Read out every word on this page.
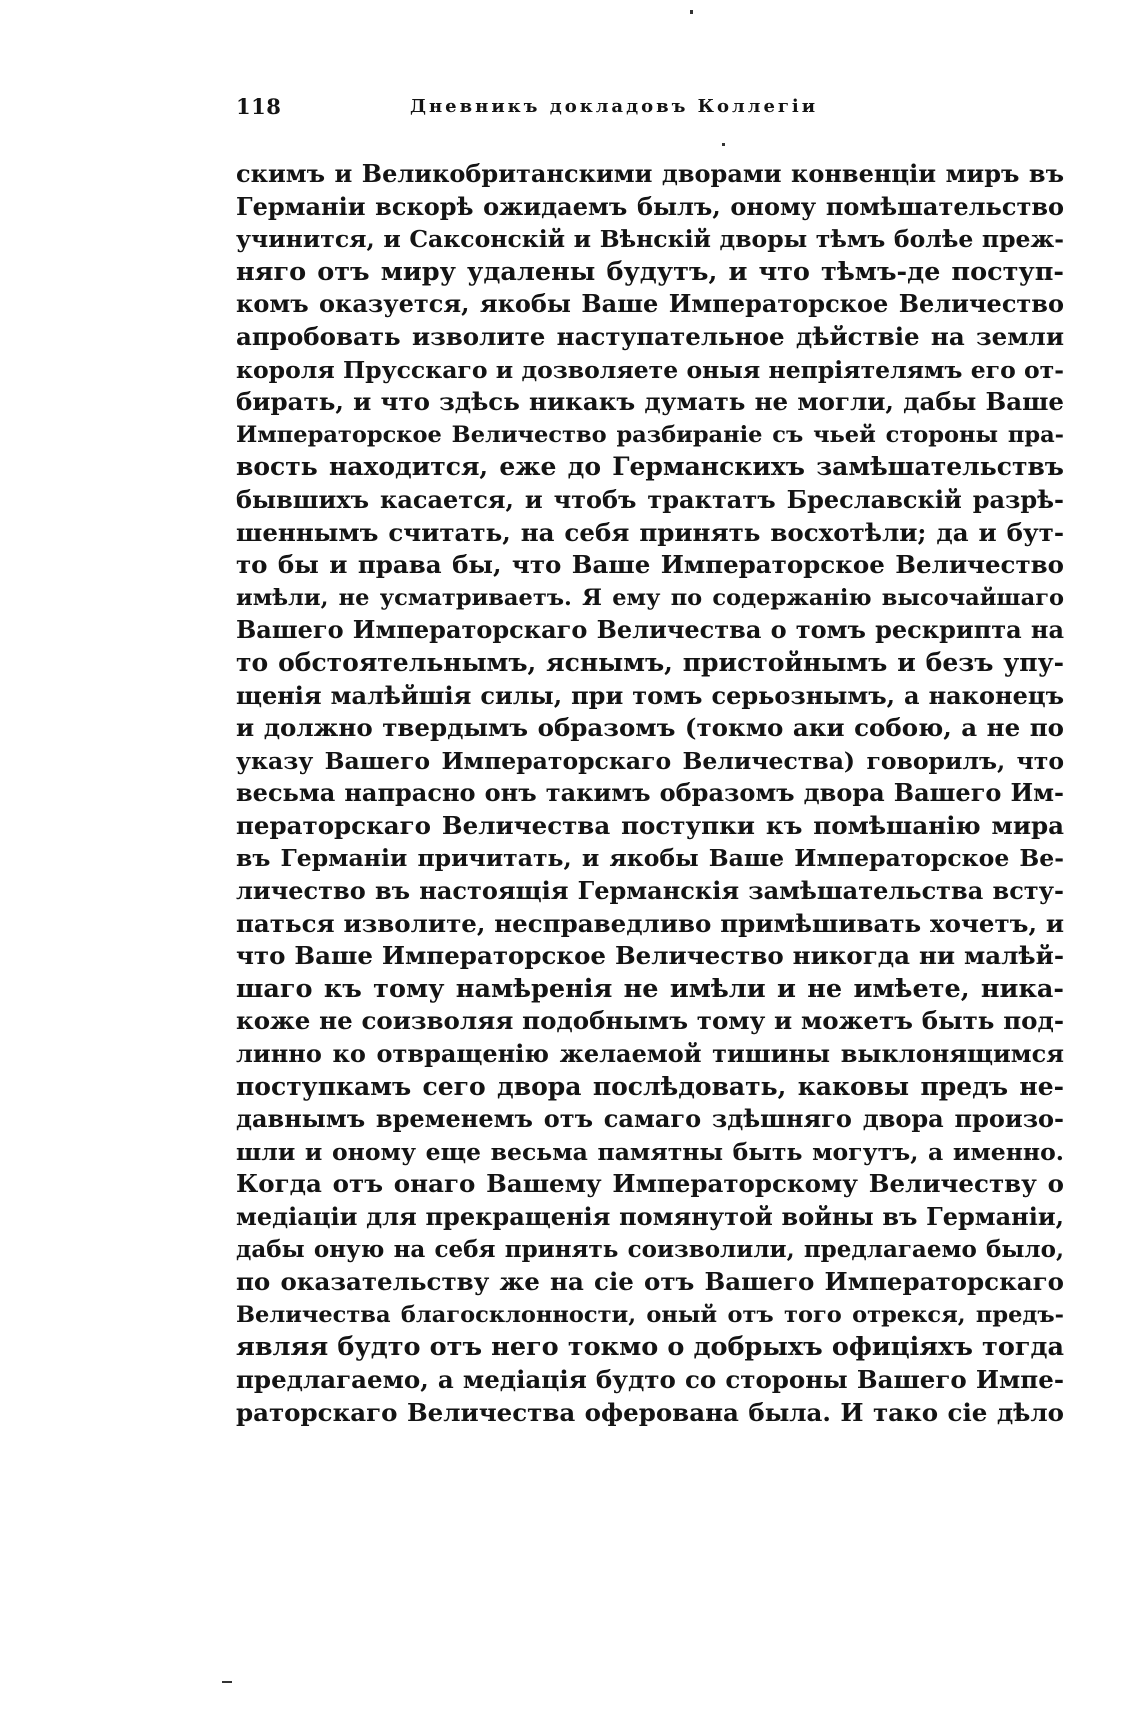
118	Дневникъ докладовъ Коллегіи
скимъ и Великобританскими дворами конвенціи миръ въ
Германіи вскорѣ ожидаемъ былъ, оному помѣшательство
учинится, и Саксонскій и Вѣнскій дворы тѣмъ болѣе преж-
няго отъ миру удалены будутъ, и что тѣмъ-де поступ-
комъ оказуется, якобы Ваше Императорское Величество
апробовать изволите наступательное дѣйствіе на земли
короля Прусскаго и дозволяете оныя непріятелямъ его от-
бирать, и что здѣсь никакъ думать не могли, дабы Ваше
Императорское Величество разбираніе съ чьей стороны пра-
вость находится, еже до Германскихъ замѣшательствъ
бывшихъ касается, и чтобъ трактатъ Бреславскій разрѣ-
шеннымъ считать, на себя принять восхотѣли; да и бут-
то бы и права бы, что Ваше Императорское Величество
имѣли, не усматриваетъ. Я ему по содержанію высочайшаго
Вашего Императорскаго Величества о томъ рескрипта на
то обстоятельнымъ, яснымъ, пристойнымъ и безъ упу-
щенія малѣйшія силы, при томъ серьознымъ, а наконецъ
и должно твердымъ образомъ (токмо аки собою, а не по
указу Вашего Императорскаго Величества) говорилъ, что
весьма напрасно онъ такимъ образомъ двора Вашего Им-
ператорскаго Величества поступки къ помѣшанію мира
въ Германіи причитать, и якобы Ваше Императорское Ве-
личество въ настоящія Германскія замѣшательства всту-
паться изволите, несправедливо примѣшивать хочетъ, и
что Ваше Императорское Величество никогда ни малѣй-
шаго къ тому намѣренія не имѣли и не имѣете, ника-
коже не соизволяя подобнымъ тому и можетъ быть под-
линно ко отвращенію желаемой тишины выклонящимся
поступкамъ сего двора послѣдовать, каковы предъ не-
давнымъ временемъ отъ самаго здѣшняго двора произо-
шли и оному еще весьма памятны быть могутъ, а именно.
Когда отъ онаго Вашему Императорскому Величеству о
медіаціи для прекращенія помянутой войны въ Германіи,
дабы оную на себя принять соизволили, предлагаемо было,
по оказательству же на сіе отъ Вашего Императорскаго
Величества благосклонности, оный отъ того отрекся, предъ-
являя будто отъ него токмо о добрыхъ офиціяхъ тогда
предлагаемо, а медіація будто со стороны Вашего Импе-
раторскаго Величества оферована была. И тако сіе дѣло
